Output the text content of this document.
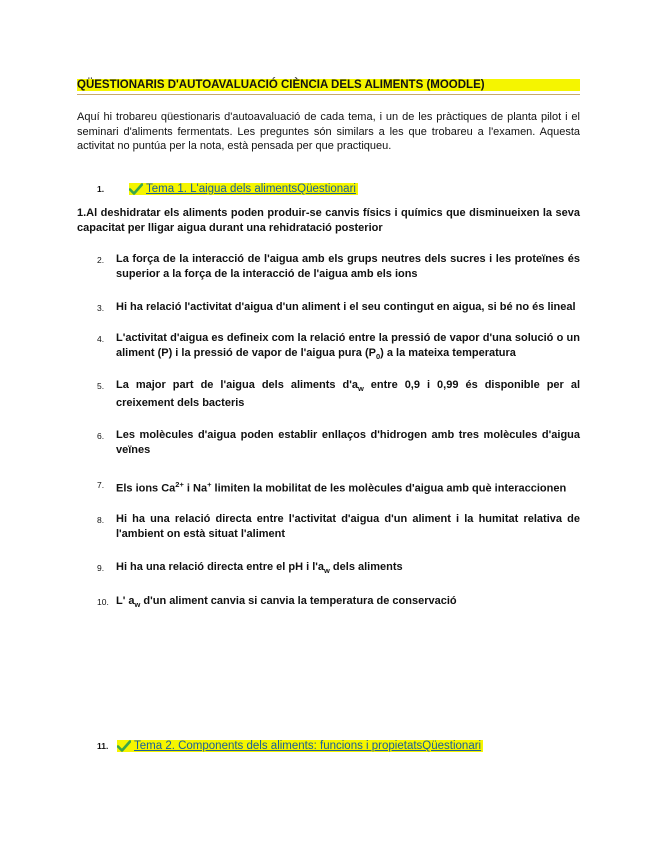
QÜESTIONARIS D'AUTOAVALUACIÓ CIÈNCIA DELS ALIMENTS (MOODLE)
Aquí hi trobareu qüestionaris d'autoavaluació de cada tema, i un de les pràctiques de planta pilot i el seminari d'aliments fermentats. Les preguntes són similars a les que trobareu a l'examen. Aquesta activitat no puntúa per la nota, està pensada per que practiqueu.
1.	Tema 1. L'aigua dels alimentsQüestionari
1.Al deshidratar els aliments poden produir-se canvis físics i químics que disminueixen la seva capacitat per lligar aigua durant una rehidratació posterior
2.	La força de la interacció de l'aigua amb els grups neutres dels sucres i les proteïnes és superior a la força de la interacció de l'aigua amb els ions
3.	Hi ha relació l'activitat d'aigua d'un aliment i el seu contingut en aigua, si bé no és lineal
4.	L'activitat d'aigua es defineix com la relació entre la pressió de vapor d'una solució o un aliment (P) i la pressió de vapor de l'aigua pura $(P_0)$ a la mateixa temperatura
5.	La major part de l'aigua dels aliments $d'a_w$ entre 0,9 i 0,99 és disponible per al creixement dels bacteris
6.	Les molècules d'aigua poden establir enllaços d'hidrogen amb tres molècules d'aigua veïnes
7.	Els ions $Ca^{2+}$ i Na+ limiten la mobilitat de les molècules d'aigua amb què interaccionen
8.	Hi ha una relació directa entre l'activitat d'aigua d'un aliment i la humitat relativa de l'ambient on està situat l'aliment
9.	Hi ha una relació directa entre el pH i $l'a_w$ dels aliments
10. L' $a_w$ d'un aliment canvia si canvia la temperatura de conservació
11.	Tema 2. Components dels aliments: funcions i propietatsQüestionari
